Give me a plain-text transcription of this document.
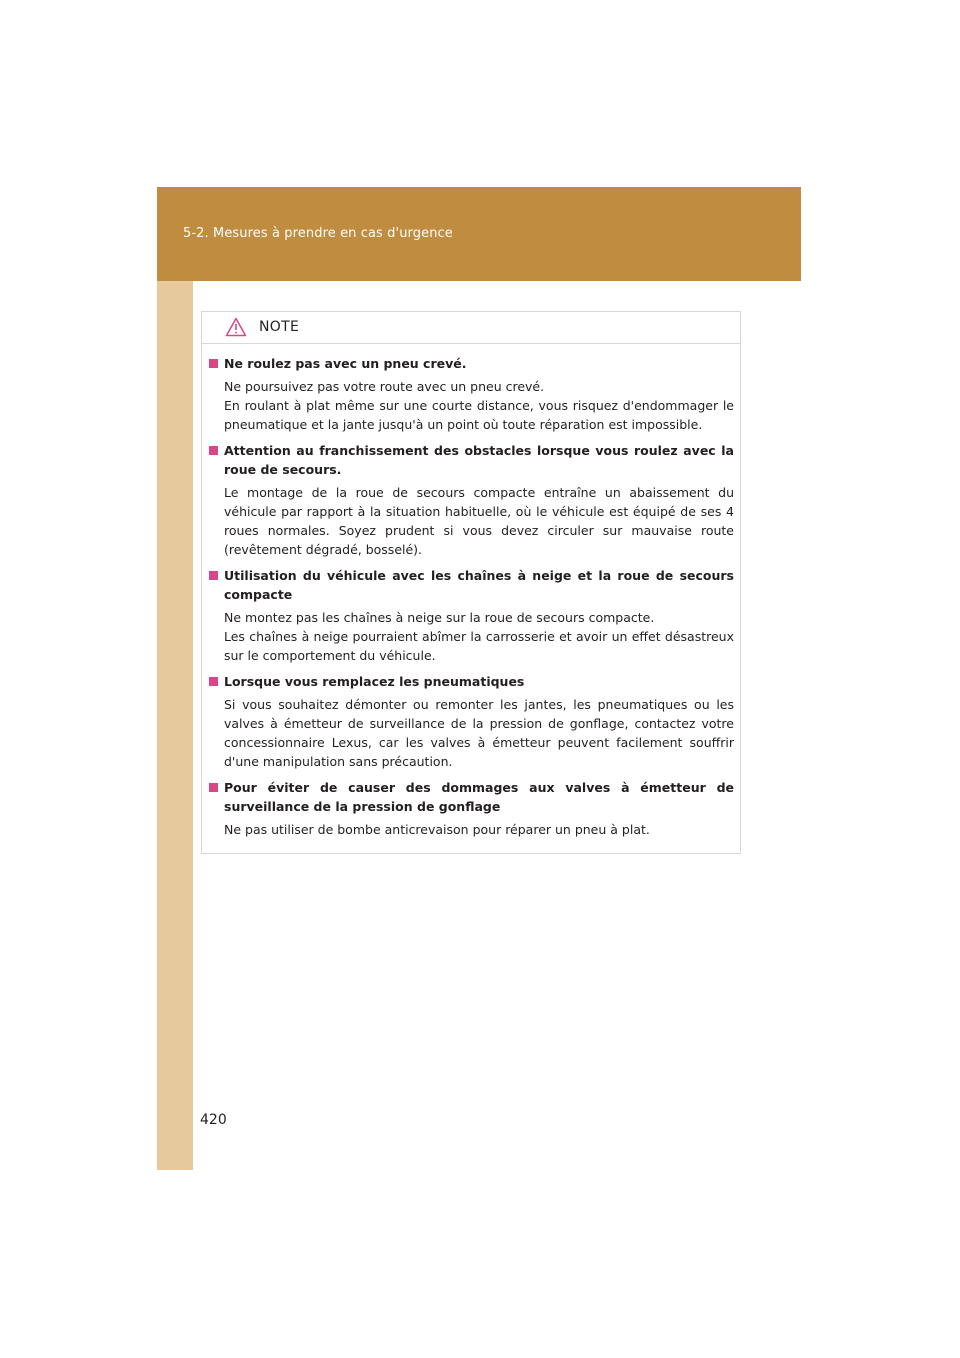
5-2. Mesures à prendre en cas d'urgence
420
NOTE
Ne roulez pas avec un pneu crevé.
Ne poursuivez pas votre route avec un pneu crevé.
En roulant à plat même sur une courte distance, vous risquez d'endommager le pneumatique et la jante jusqu'à un point où toute réparation est impossible.
Attention au franchissement des obstacles lorsque vous roulez avec la roue de secours.
Le montage de la roue de secours compacte entraîne un abaissement du véhicule par rapport à la situation habituelle, où le véhicule est équipé de ses 4 roues normales. Soyez prudent si vous devez circuler sur mauvaise route (revêtement dégradé, bosselé).
Utilisation du véhicule avec les chaînes à neige et la roue de secours compacte
Ne montez pas les chaînes à neige sur la roue de secours compacte.
Les chaînes à neige pourraient abîmer la carrosserie et avoir un effet désastreux sur le comportement du véhicule.
Lorsque vous remplacez les pneumatiques
Si vous souhaitez démonter ou remonter les jantes, les pneumatiques ou les valves à émetteur de surveillance de la pression de gonflage, contactez votre concessionnaire Lexus, car les valves à émetteur peuvent facilement souffrir d'une manipulation sans précaution.
Pour éviter de causer des dommages aux valves à émetteur de surveillance de la pression de gonflage
Ne pas utiliser de bombe anticrevaison pour réparer un pneu à plat.
